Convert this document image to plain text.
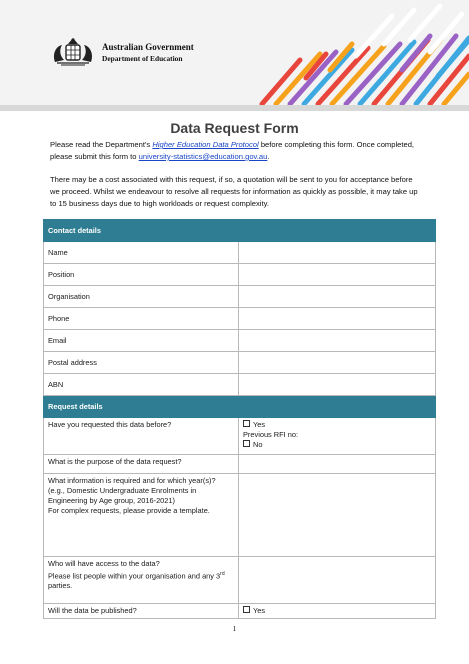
Australian Government
Department of Education
Data Request Form
Please read the Department's Higher Education Data Protocol before completing this form. Once completed, please submit this form to university-statistics@education.gov.au.
There may be a cost associated with this request, if so, a quotation will be sent to you for acceptance before we proceed. Whilst we endeavour to resolve all requests for information as quickly as possible, it may take up to 15 business days due to high workloads or request complexity.
Contact details	
Name	
Position	
Organisation	
Phone	
Email	
Postal address	
ABN	
Request details	
Have you requested this data before?	Yes
Previous RFI no:
No

What is the purpose of the data request?	

What information is required and for which year(s)? (e.g., Domestic Undergraduate Enrolments in Engineering by Age group, 2016-2021)
For complex requests, please provide a template.	

Who will have access to the data?
Please list people within your organisation and any 3rd parties.	

Will the data be published?	Yes
1
